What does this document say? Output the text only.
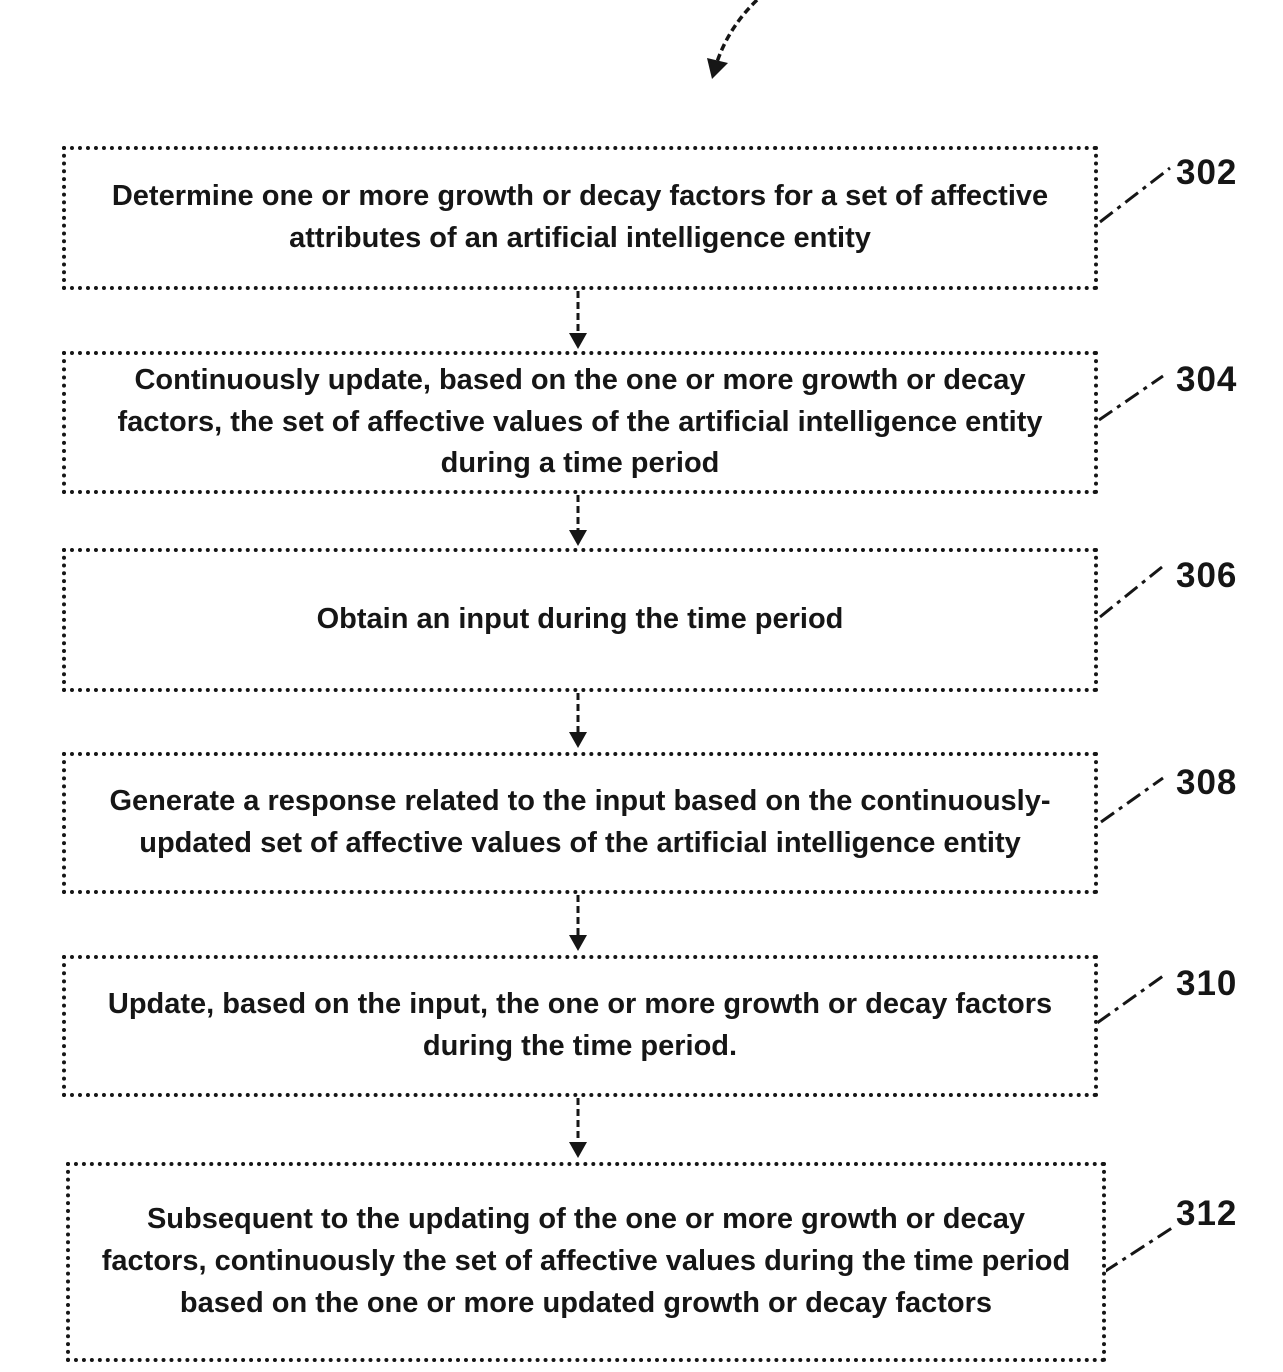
Determine one or more growth or decay factors for a set of affective attributes of an artificial intelligence entity
Continuously update, based on the one or more growth or decay factors, the set of affective values of the artificial intelligence entity during a time period
Obtain an input during the time period
Generate a response related to the input based on the continuously-updated set of affective values of the artificial intelligence entity
Update, based on the input, the one or more growth or decay factors during the time period.
Subsequent to the updating of the one or more growth or decay factors, continuously the set of affective values during the time period based on the one or more updated growth or decay factors
302
304
306
308
310
312
